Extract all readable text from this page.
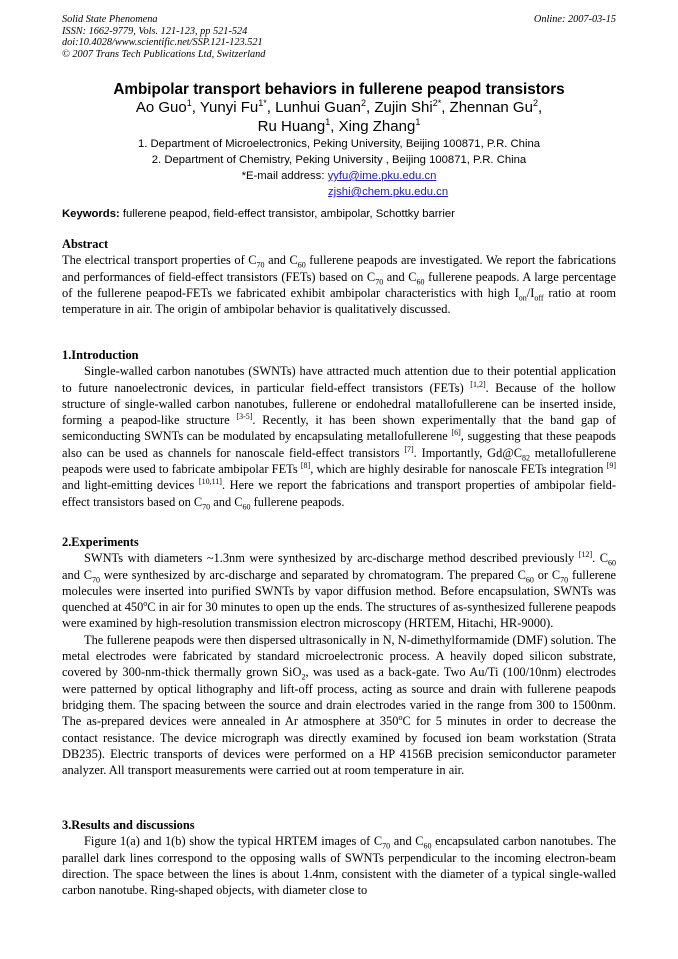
Solid State Phenomena
ISSN: 1662-9779, Vols. 121-123, pp 521-524
doi:10.4028/www.scientific.net/SSP.121-123.521
© 2007 Trans Tech Publications Ltd, Switzerland
Online: 2007-03-15
Ambipolar transport behaviors in fullerene peapod transistors
Ao Guo$^1$, Yunyi $Fu^{1*}$, Lunhui Guan$^2$, Zujin Shi$^{2*}$, Zhennan Gu$^2$,
Ru Huang$^1$, Xing Zhang$^1$
1. Department of Microelectronics, Peking University, Beijing 100871, P.R. China
2. Department of Chemistry, Peking University , Beijing 100871, P.R. China
*E-mail address: yyfu@ime.pku.edu.cn
zjshi@chem.pku.edu.cn
Keywords: fullerene peapod, field-effect transistor, ambipolar, Schottky barrier
Abstract

The electrical transport properties of $C_{70}$ and $C_{60}$ fullerene peapods are investigated. We report the fabrications and performances of field-effect transistors (FETs) based on $C_{70}$ and $C_{60}$ fullerene peapods. A large percentage of the fullerene peapod-FETs we fabricated exhibit ambipolar characteristics with high $I_{on}/I_{off}$ ratio at room temperature in air. The origin of ambipolar behavior is qualitatively discussed.

1.Introduction

Single-walled carbon nanotubes (SWNTs) have attracted much attention due to their potential application to future nanoelectronic devices, in particular field-effect transistors (FETs) [1,2]. Because of the hollow structure of single-walled carbon nanotubes, fullerene or endohedral matallofullerene can be inserted inside, forming a peapod-like structure [3-5]. Recently, it has been shown experimentally that the band gap of semiconducting SWNTs can be modulated by encapsulating metallofullerene [6], suggesting that these peapods also can be used as channels for nanoscale field-effect transistors [7]. Importantly, $Gd@C_{82}$ metallofullerene peapods were used to fabricate ambipolar FETs [8], which are highly desirable for nanoscale FETs integration [9] and light-emitting devices [10,11]. Here we report the fabrications and transport properties of ambipolar field-effect transistors based on $C_{70}$ and $C_{60}$ fullerene peapods.

2.Experiments

SWNTs with diameters ~1.3nm were synthesized by arc-discharge method described previously [12]. $C_{60}$ and $C_{70}$ were synthesized by arc-discharge and separated by chromatogram. The prepared $C_{60}$ or $C_{70}$ fullerene molecules were inserted into purified SWNTs by vapor diffusion method. Before encapsulation, SWNTs was quenched at 450$^o$C in air for 30 minutes to open up the ends. The structures of as-synthesized fullerene peapods were examined by high-resolution transmission electron microscopy (HRTEM, Hitachi, HR-9000).

The fullerene peapods were then dispersed ultrasonically in N, N-dimethylformamide (DMF) solution. The metal electrodes were fabricated by standard microelectronic process. A heavily doped silicon substrate, covered by 300-nm-thick thermally grown SiO$_2$, was used as a back-gate. Two Au/Ti (100/10nm) electrodes were patterned by optical lithography and lift-off process, acting as source and drain with fullerene peapods bridging them. The spacing between the source and drain electrodes varied in the range from 300 to 1500nm. The as-prepared devices were annealed in Ar atmosphere at 350$^o$C for 5 minutes in order to decrease the contact resistance. The device micrograph was directly examined by focused ion beam workstation (Strata DB235). Electric transports of devices were performed on a HP 4156B precision semiconductor parameter analyzer. All transport measurements were carried out at room temperature in air.

3.Results and discussions

Figure 1(a) and 1(b) show the typical HRTEM images of $C_{70}$ and $C_{60}$ encapsulated carbon nanotubes. The parallel dark lines correspond to the opposing walls of SWNTs perpendicular to the incoming electron-beam direction. The space between the lines is about 1.4nm, consistent with the diameter of a typical single-walled carbon nanotube. Ring-shaped objects, with diameter close to
